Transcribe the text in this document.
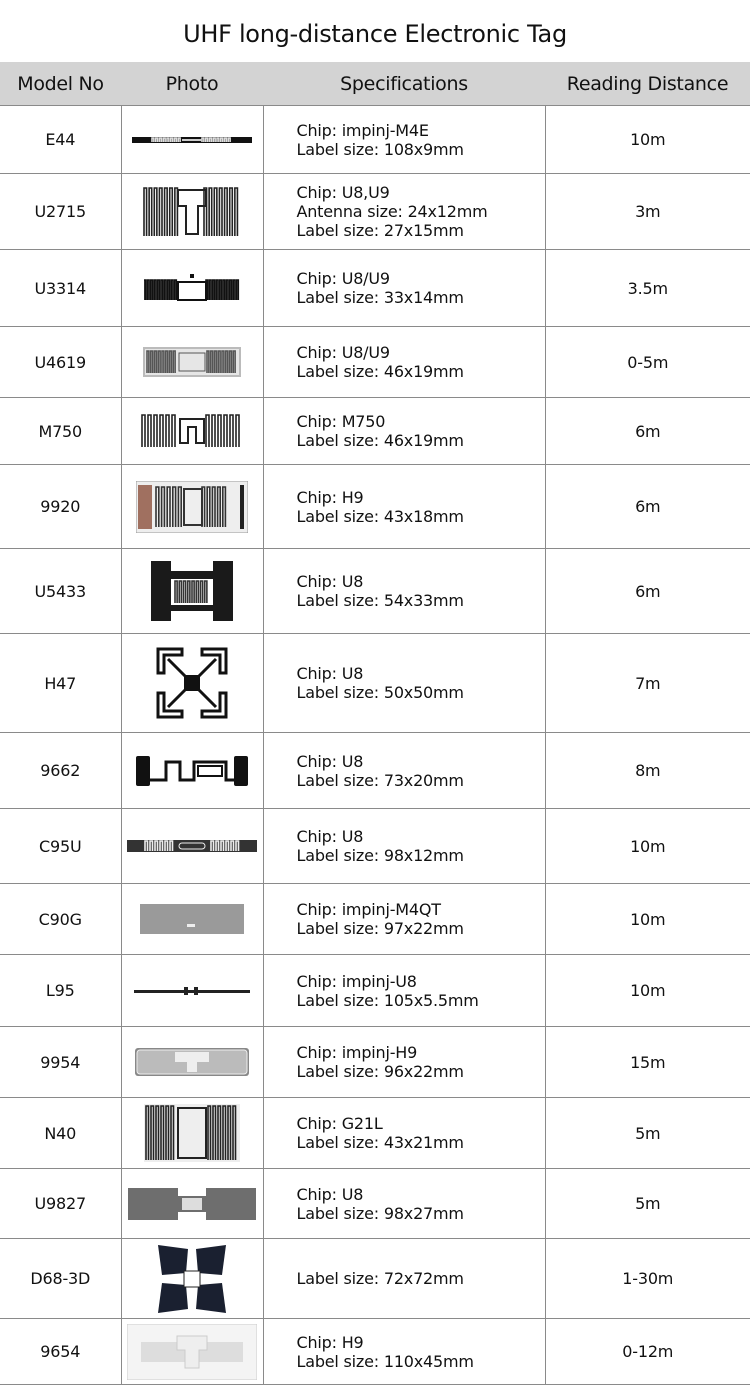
UHF long-distance Electronic Tag
Model No	Photo	Specifications	Reading Distance
E44		Chip: impinj-M4E
Label size: 108x9mm	10m
U2715		Chip: U8,U9
Antenna size: 24x12mm
Label size: 27x15mm	3m
U3314		Chip: U8/U9
Label size: 33x14mm	3.5m
U4619		Chip: U8/U9
Label size: 46x19mm	0-5m
M750		Chip: M750
Label size: 46x19mm	6m
9920		Chip: H9
Label size: 43x18mm	6m
U5433		Chip: U8
Label size: 54x33mm	6m
H47		Chip: U8
Label size: 50x50mm	7m
9662		Chip: U8
Label size: 73x20mm	8m
C95U		Chip: U8
Label size: 98x12mm	10m
C90G		Chip: impinj-M4QT
Label size: 97x22mm	10m
L95		Chip: impinj-U8
Label size: 105x5.5mm	10m
9954		Chip: impinj-H9
Label size: 96x22mm	15m
N40		Chip: G21L
Label size: 43x21mm	5m
U9827		Chip: U8
Label size: 98x27mm	5m
D68-3D		Label size: 72x72mm	1-30m
9654		Chip: H9
Label size: 110x45mm	0-12m
